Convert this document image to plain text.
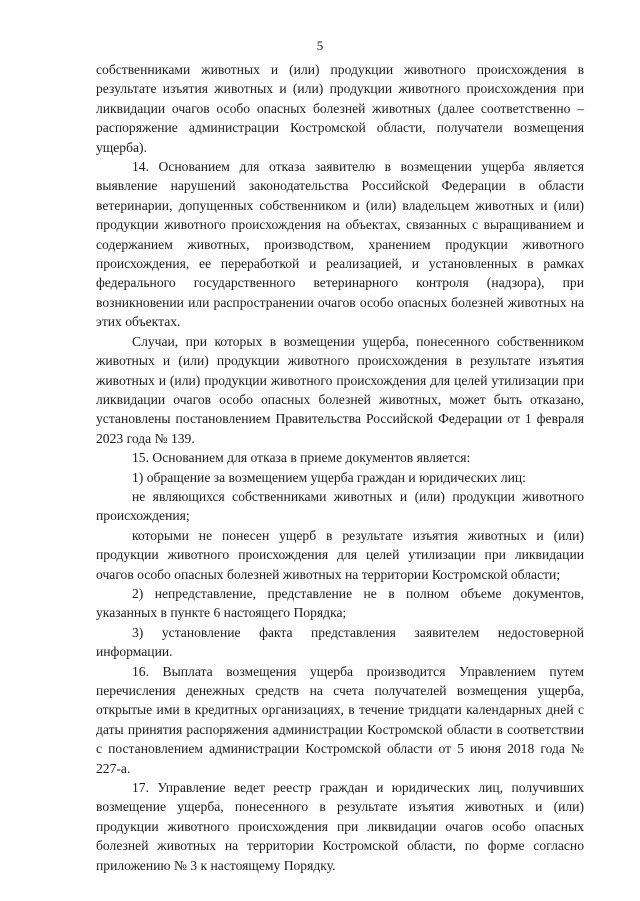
5

собственниками животных и (или) продукции животного происхождения в результате изъятия животных и (или) продукции животного происхождения при ликвидации очагов особо опасных болезней животных (далее соответственно – распоряжение администрации Костромской области, получатели возмещения ущерба).

14. Основанием для отказа заявителю в возмещении ущерба является выявление нарушений законодательства Российской Федерации в области ветеринарии, допущенных собственником и (или) владельцем животных и (или) продукции животного происхождения на объектах, связанных с выращиванием и содержанием животных, производством, хранением продукции животного происхождения, ее переработкой и реализацией, и установленных в рамках федерального государственного ветеринарного контроля (надзора), при возникновении или распространении очагов особо опасных болезней животных на этих объектах.

Случаи, при которых в возмещении ущерба, понесенного собственником животных и (или) продукции животного происхождения в результате изъятия животных и (или) продукции животного происхождения для целей утилизации при ликвидации очагов особо опасных болезней животных, может быть отказано, установлены постановлением Правительства Российской Федерации от 1 февраля 2023 года № 139.

15. Основанием для отказа в приеме документов является:

1) обращение за возмещением ущерба граждан и юридических лиц:

не являющихся собственниками животных и (или) продукции животного происхождения;

которыми не понесен ущерб в результате изъятия животных и (или) продукции животного происхождения для целей утилизации при ликвидации очагов особо опасных болезней животных на территории Костромской области;

2) непредставление, представление не в полном объеме документов, указанных в пункте 6 настоящего Порядка;

3) установление факта представления заявителем недостоверной информации.

16. Выплата возмещения ущерба производится Управлением путем перечисления денежных средств на счета получателей возмещения ущерба, открытые ими в кредитных организациях, в течение тридцати календарных дней с даты принятия распоряжения администрации Костромской области в соответствии с постановлением администрации Костромской области от 5 июня 2018 года № 227-а.

17. Управление ведет реестр граждан и юридических лиц, получивших возмещение ущерба, понесенного в результате изъятия животных и (или) продукции животного происхождения при ликвидации очагов особо опасных болезней животных на территории Костромской области, по форме согласно приложению № 3 к настоящему Порядку.
